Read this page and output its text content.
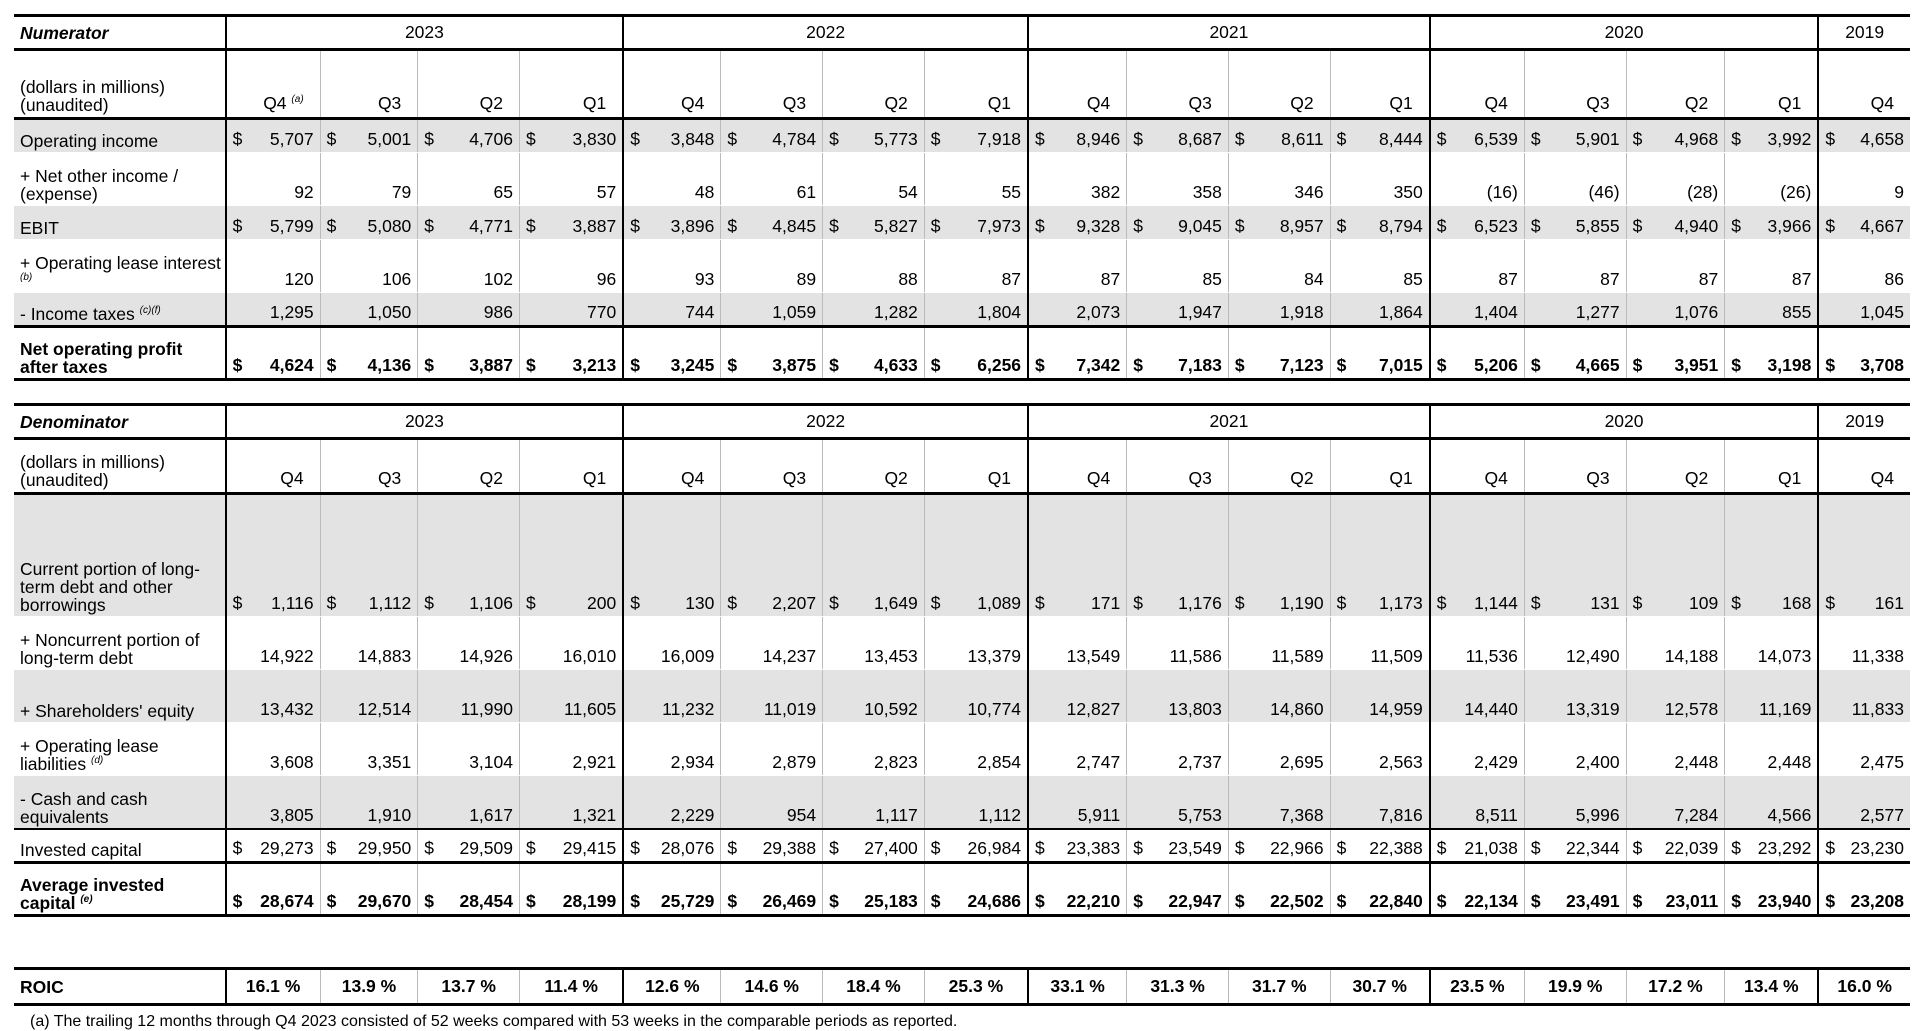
Numerator	2023				2022				2021				2020				2019
(dollars in millions) (unaudited)	Q4 $^{(a)}$	Q3	Q2	Q1	Q4	Q3	Q2	Q1	Q4	Q3	Q2	Q1	Q4	Q3	Q2	Q1	Q4
Operating income	$ 5,707	$ 5,001	$ 4,706	$ 3,830	$ 3,848	$ 4,784	$ 5,773	$ 7,918	$ 8,946	$ 8,687	$ 8,611	$ 8,444	$ 6,539	$ 5,901	$ 4,968	$ 3,992	$ 4,658
+ Net other income / (expense)	92	79	65	57	48	61	54	55	382	358	346	350	(16)	(46)	(28)	(26)	9
EBIT	$ 5,799	$ 5,080	$ 4,771	$ 3,887	$ 3,896	$ 4,845	$ 5,827	$ 7,973	$ 9,328	$ 9,045	$ 8,957	$ 8,794	$ 6,523	$ 5,855	$ 4,940	$ 3,966	$ 4,667
+ Operating lease interest $^{(b)}$	120	106	102	96	93	89	88	87	87	85	84	85	87	87	87	87	86
- Income taxes $^{(c)(f)}$	1,295	1,050	986	770	744	1,059	1,282	1,804	2,073	1,947	1,918	1,864	1,404	1,277	1,076	855	1,045
Net operating profit after taxes	$ 4,624	$ 4,136	$ 3,887	$ 3,213	$ 3,245	$ 3,875	$ 4,633	$ 6,256	$ 7,342	$ 7,183	$ 7,123	$ 7,015	$ 5,206	$ 4,665	$ 3,951	$ 3,198	$ 3,708
Denominator	2023				2022				2021				2020				2019
(dollars in millions) (unaudited)	Q4	Q3	Q2	Q1	Q4	Q3	Q2	Q1	Q4	Q3	Q2	Q1	Q4	Q3	Q2	Q1	Q4
Current portion of long-term debt and other borrowings	$ 1,116	$ 1,112	$ 1,106	$ 200	$ 130	$ 2,207	$ 1,649	$ 1,089	$ 171	$ 1,176	$ 1,190	$ 1,173	$ 1,144	$ 131	$ 109	$ 168	$ 161
+ Noncurrent portion of long-term debt	14,922	14,883	14,926	16,010	16,009	14,237	13,453	13,379	13,549	11,586	11,589	11,509	11,536	12,490	14,188	14,073	11,338
+ Shareholders' equity	13,432	12,514	11,990	11,605	11,232	11,019	10,592	10,774	12,827	13,803	14,860	14,959	14,440	13,319	12,578	11,169	11,833
+ Operating lease liabilities $^{(d)}$	3,608	3,351	3,104	2,921	2,934	2,879	2,823	2,854	2,747	2,737	2,695	2,563	2,429	2,400	2,448	2,448	2,475
- Cash and cash equivalents	3,805	1,910	1,617	1,321	2,229	954	1,117	1,112	5,911	5,753	7,368	7,816	8,511	5,996	7,284	4,566	2,577
Invested capital	$ 29,273	$ 29,950	$ 29,509	$ 29,415	$ 28,076	$ 29,388	$ 27,400	$ 26,984	$ 23,383	$ 23,549	$ 22,966	$ 22,388	$ 21,038	$ 22,344	$ 22,039	$ 23,292	$ 23,230
Average invested capital $^{(e)}$	$ 28,674	$ 29,670	$ 28,454	$ 28,199	$ 25,729	$ 26,469	$ 25,183	$ 24,686	$ 22,210	$ 22,947	$ 22,502	$ 22,840	$ 22,134	$ 23,491	$ 23,011	$ 23,940	$ 23,208
ROIC	16.1 %	13.9 %	13.7 %	11.4 %	12.6 %	14.6 %	18.4 %	25.3 %	33.1 %	31.3 %	31.7 %	30.7 %	23.5 %	19.9 %	17.2 %	13.4 %	16.0 %
(a) The trailing 12 months through Q4 2023 consisted of 52 weeks compared with 53 weeks in the comparable periods as reported.
